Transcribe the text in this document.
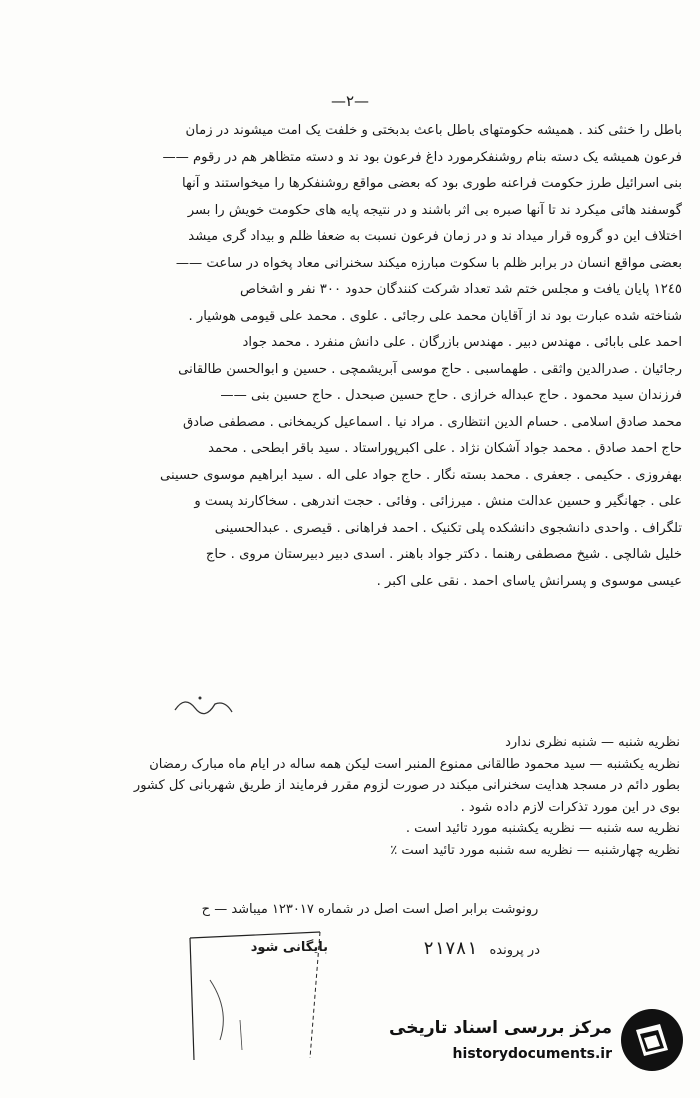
—٢—
باطل را خنثی کند . همیشه حکومتهای باطل باعث بدبختی و خلفت یک امت میشوند در زمان
فرعون همیشه یک دسته بنام روشنفکرمورد داغ فرعون بود ند و دسته متظاهر هم در رقوم ——
بنی اسرائیل طرز حکومت فراعنه طوری بود که بعضی مواقع روشنفکرها را میخواستند و آنها
گوسفند هائی میکرد ند تا آنها صبره بی اثر باشند و در نتیجه پایه های حکومت خویش را بسر
اختلاف این دو گروه قرار میداد ند و در زمان فرعون نسبت به ضعفا ظلم و بیداد گری میشد
بعضی مواقع انسان در برابر ظلم با سکوت مبارزه میکند سخنرانی معاد پخواه در ساعت ——
١٢٤٥ پایان یافت و مجلس ختم شد تعداد شرکت کنندگان حدود ٣٠٠ نفر و اشخاص
شناخته شده عبارت بود ند از آقایان محمد علی رجائی . علوی . محمد علی قیومی هوشیار .
احمد علی بابائی . مهندس دبیر . مهندس بازرگان . علی دانش منفرد . محمد جواد
رجائیان . صدرالدین واثقی . طهماسبی . حاج موسی آبریشمچی . حسین و ابوالحسن طالقانی
فرزندان سید محمود . حاج عبداله خرازی . حاج حسین صبحدل . حاج حسین بنی ——
محمد صادق اسلامی . حسام الدین انتظاری . مراد نیا . اسماعیل کریمخانی . مصطفی صادق
حاج احمد صادق . محمد جواد آشکان نژاد . علی اکبرپوراستاد . سید باقر ابطحی . محمد
بهفروزی . حکیمی . جعفری . محمد بسته نگار . حاج جواد علی اله . سید ابراهیم موسوی حسینی
علی . جهانگیر و حسین عدالت منش . میرزائی . وفائی . حجت اندرهی . سخاکارند پست و
تلگراف . واحدی دانشجوی دانشکده پلی تکنیک . احمد فراهانی . قیصری . عبدالحسینی
خلیل شالچی . شیخ مصطفی رهنما . دکتر جواد باهنر . اسدی دبیر دبیرستان مروی . حاج
عیسی موسوی و پسرانش یاسای احمد . نقی علی اکبر .
نظریه شنبه — شنبه نظری ندارد
نظریه یکشنبه — سید محمود طالقانی ممنوع المنبر است لیکن همه ساله در ایام ماه مبارک رمضان
بطور دائم در مسجد هدایت سخنرانی میکند در صورت لزوم مقرر فرمایند از طریق شهربانی کل کشور
بوی در این مورد تذکرات لازم داده شود .
نظریه سه شنبه — نظریه یکشنبه مورد تائید است .
نظریه چهارشنبه — نظریه سه شنبه مورد تائید است ٪
رونوشت برابر اصل است اصل در شماره ١٢٣٠١٧ میباشد — ح
در پرونده ٢١٧٨١
بایگانی شود
مرکز بررسی اسناد تاریخی
historydocuments.ir
